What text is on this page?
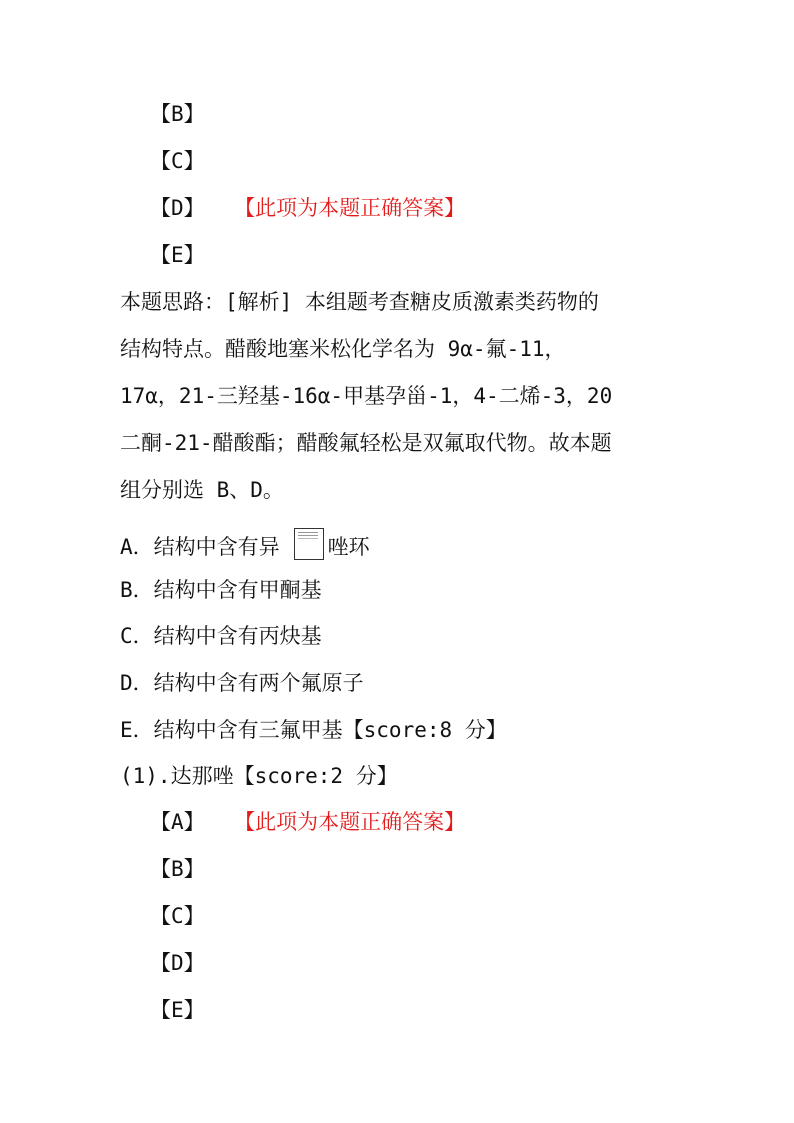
【B】
【C】
【D】 【此项为本题正确答案】
【E】
本题思路：[解析] 本组题考查糖皮质激素类药物的
结构特点。醋酸地塞米松化学名为 9α-氟-11，
17α，21-三羟基-16α-甲基孕甾-1，4-二烯-3，20
二酮-21-醋酸酯；醋酸氟轻松是双氟取代物。故本题
组分别选 B、D。
A．结构中含有异 唑环
B．结构中含有甲酮基
C．结构中含有丙炔基
D．结构中含有两个氟原子
E．结构中含有三氟甲基【score:8 分】
(1).达那唑【score:2 分】
【A】 【此项为本题正确答案】
【B】
【C】
【D】
【E】
